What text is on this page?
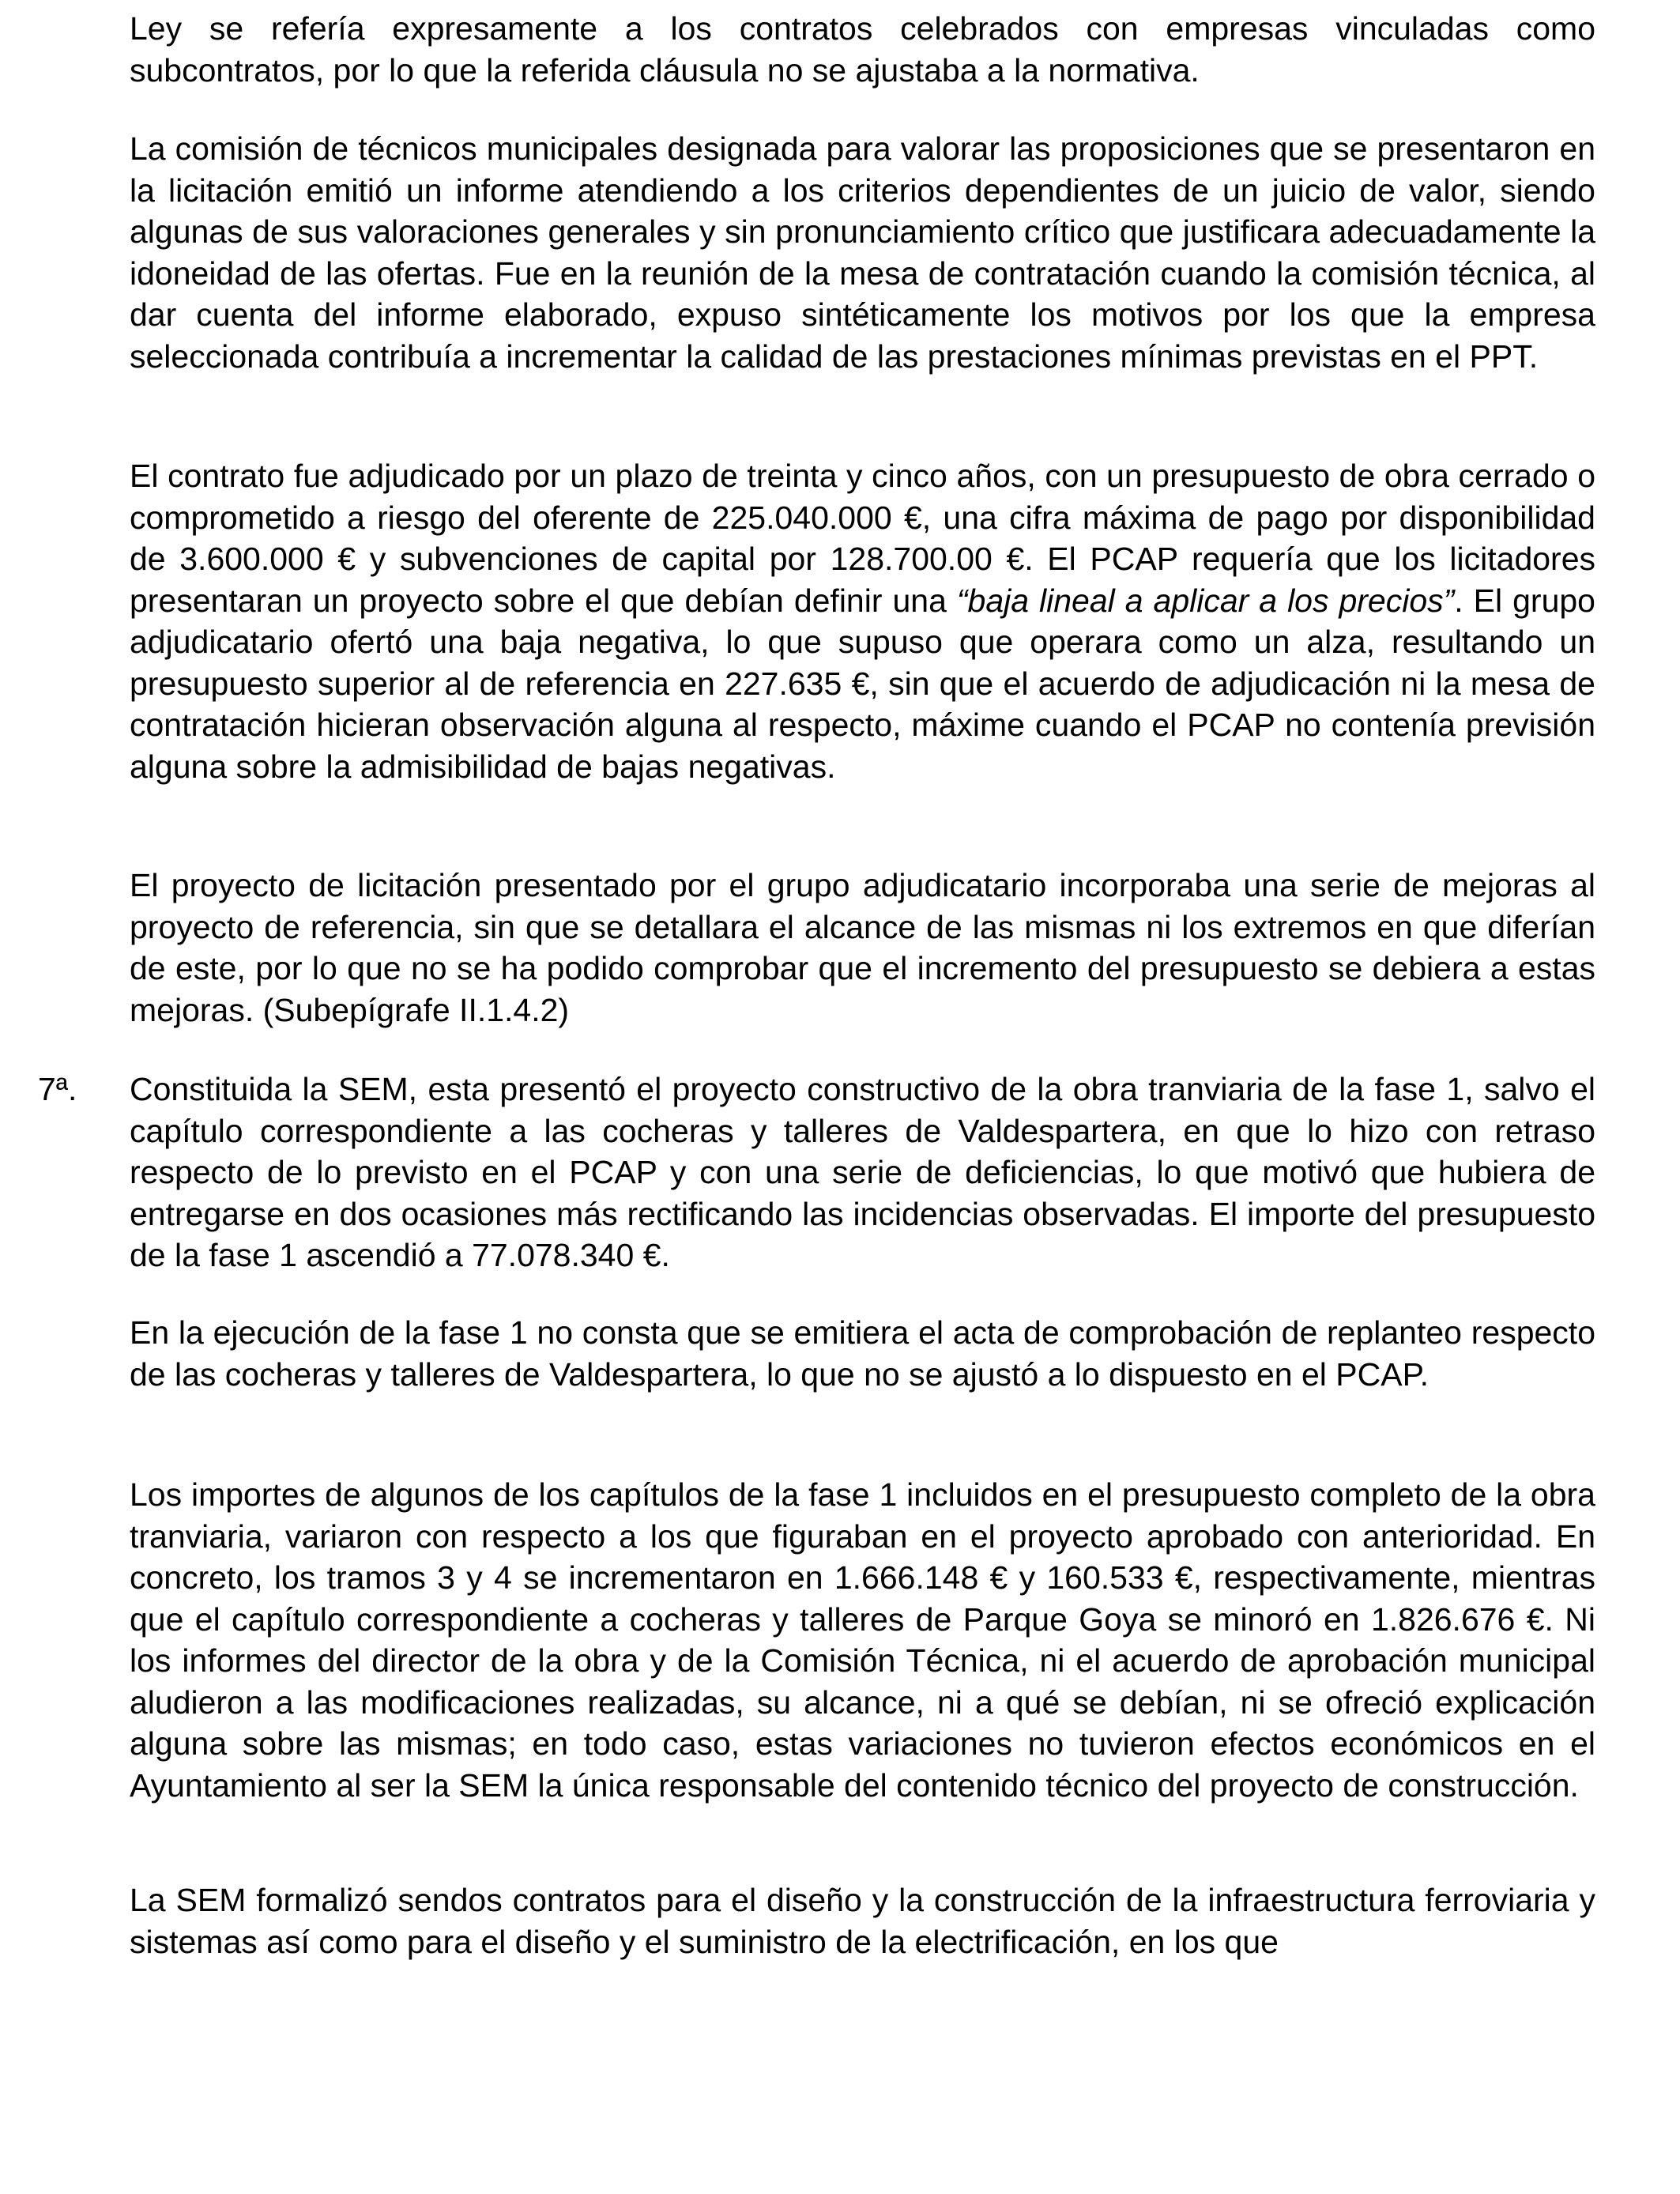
Ley se refería expresamente a los contratos celebrados con empresas vinculadas como subcontratos, por lo que la referida cláusula no se ajustaba a la normativa.

La comisión de técnicos municipales designada para valorar las proposiciones que se presentaron en la licitación emitió un informe atendiendo a los criterios dependientes de un juicio de valor, siendo algunas de sus valoraciones generales y sin pronunciamiento crítico que justificara adecuadamente la idoneidad de las ofertas. Fue en la reunión de la mesa de contratación cuando la comisión técnica, al dar cuenta del informe elaborado, expuso sintéticamente los motivos por los que la empresa seleccionada contribuía a incrementar la calidad de las prestaciones mínimas previstas en el PPT.

El contrato fue adjudicado por un plazo de treinta y cinco años, con un presupuesto de obra cerrado o comprometido a riesgo del oferente de 225.040.000 €, una cifra máxima de pago por disponibilidad de 3.600.000 € y subvenciones de capital por 128.700.00 €. El PCAP requería que los licitadores presentaran un proyecto sobre el que debían definir una “baja lineal a aplicar a los precios”. El grupo adjudicatario ofertó una baja negativa, lo que supuso que operara como un alza, resultando un presupuesto superior al de referencia en 227.635 €, sin que el acuerdo de adjudicación ni la mesa de contratación hicieran observación alguna al respecto, máxime cuando el PCAP no contenía previsión alguna sobre la admisibilidad de bajas negativas.

El proyecto de licitación presentado por el grupo adjudicatario incorporaba una serie de mejoras al proyecto de referencia, sin que se detallara el alcance de las mismas ni los extremos en que diferían de este, por lo que no se ha podido comprobar que el incremento del presupuesto se debiera a estas mejoras. (Subepígrafe II.1.4.2)

7ª. Constituida la SEM, esta presentó el proyecto constructivo de la obra tranviaria de la fase 1, salvo el capítulo correspondiente a las cocheras y talleres de Valdespartera, en que lo hizo con retraso respecto de lo previsto en el PCAP y con una serie de deficiencias, lo que motivó que hubiera de entregarse en dos ocasiones más rectificando las incidencias observadas. El importe del presupuesto de la fase 1 ascendió a 77.078.340 €.

En la ejecución de la fase 1 no consta que se emitiera el acta de comprobación de replanteo respecto de las cocheras y talleres de Valdespartera, lo que no se ajustó a lo dispuesto en el PCAP.

Los importes de algunos de los capítulos de la fase 1 incluidos en el presupuesto completo de la obra tranviaria, variaron con respecto a los que figuraban en el proyecto aprobado con anterioridad. En concreto, los tramos 3 y 4 se incrementaron en 1.666.148 € y 160.533 €, respectivamente, mientras que el capítulo correspondiente a cocheras y talleres de Parque Goya se minoró en 1.826.676 €. Ni los informes del director de la obra y de la Comisión Técnica, ni el acuerdo de aprobación municipal aludieron a las modificaciones realizadas, su alcance, ni a qué se debían, ni se ofreció explicación alguna sobre las mismas; en todo caso, estas variaciones no tuvieron efectos económicos en el Ayuntamiento al ser la SEM la única responsable del contenido técnico del proyecto de construcción.

La SEM formalizó sendos contratos para el diseño y la construcción de la infraestructura ferroviaria y sistemas así como para el diseño y el suministro de la electrificación, en los que
